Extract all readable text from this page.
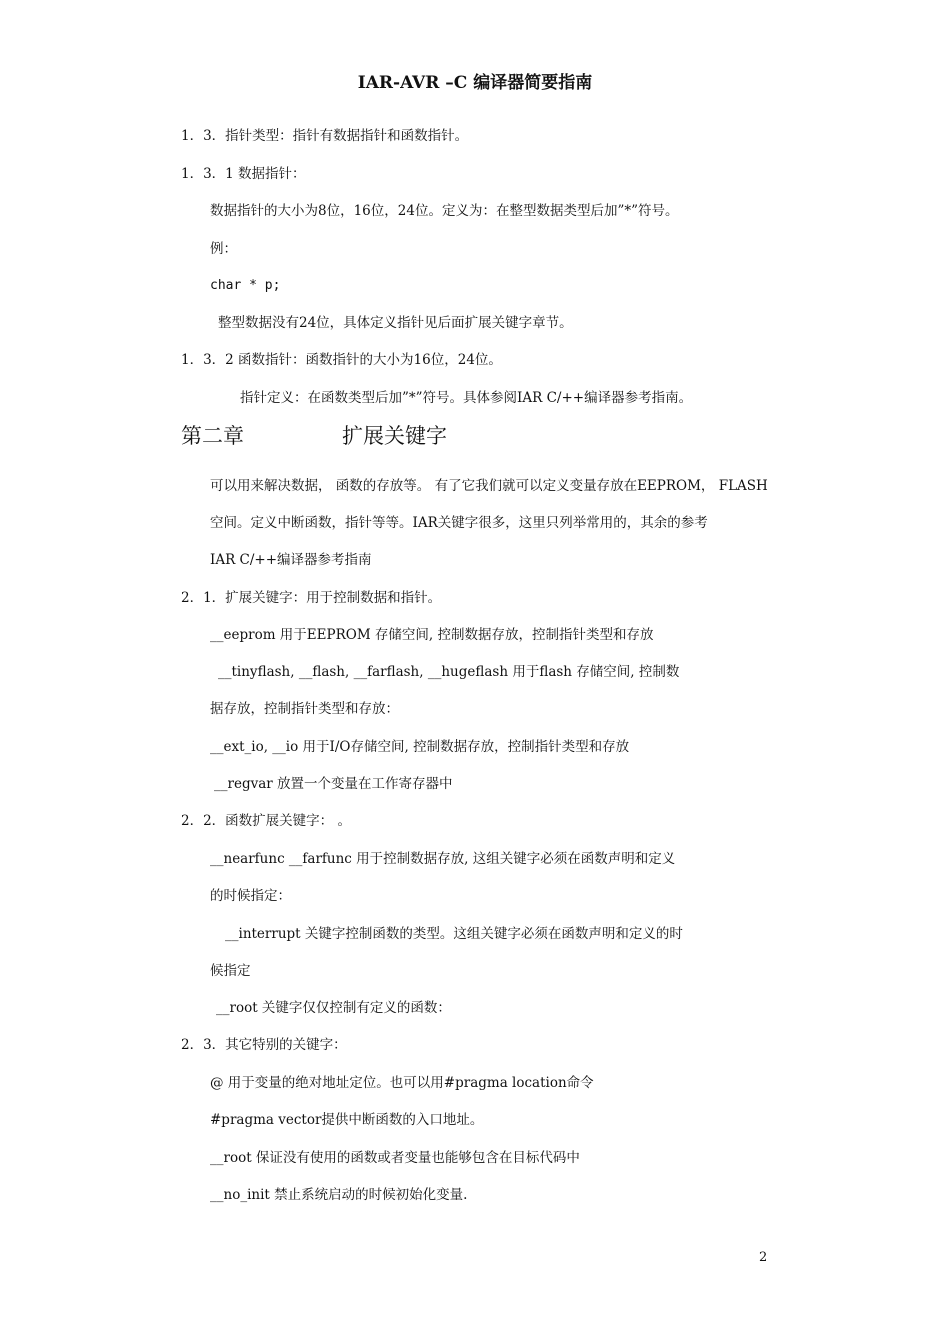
IAR-AVR –C 编译器简要指南
1．3．指针类型：指针有数据指针和函数指针。
1．3．1 数据指针：
数据指针的大小为8位，16位，24位。定义为：在整型数据类型后加”*”符号。
例：
char * p;
整型数据没有24位，具体定义指针见后面扩展关键字章节。
1．3．2 函数指针：函数指针的大小为16位，24位。
指针定义：在函数类型后加”*”符号。具体参阅IAR C/++编译器参考指南。
第二章	扩展关键字
可以用来解决数据， 函数的存放等。 有了它我们就可以定义变量存放在EEPROM， FLASH
空间。定义中断函数，指针等等。IAR关键字很多，这里只列举常用的，其余的参考
IAR C/++编译器参考指南
2．1．扩展关键字：用于控制数据和指针。
__eeprom 用于EEPROM 存储空间, 控制数据存放，控制指针类型和存放
__tinyflash, __flash, __farflash, __hugeflash 用于flash 存储空间, 控制数
据存放，控制指针类型和存放：
__ext_io, __io 用于I/O存储空间, 控制数据存放，控制指针类型和存放
__regvar 放置一个变量在工作寄存器中
2．2．函数扩展关键字： 。
__nearfunc __farfunc 用于控制数据存放, 这组关键字必须在函数声明和定义
的时候指定：
__interrupt 关键字控制函数的类型。这组关键字必须在函数声明和定义的时
候指定
__root 关键字仅仅控制有定义的函数：
2．3．其它特别的关键字：
@ 用于变量的绝对地址定位。也可以用#pragma location命令
#pragma vector提供中断函数的入口地址。
__root 保证没有使用的函数或者变量也能够包含在目标代码中
__no_init 禁止系统启动的时候初始化变量.
2
